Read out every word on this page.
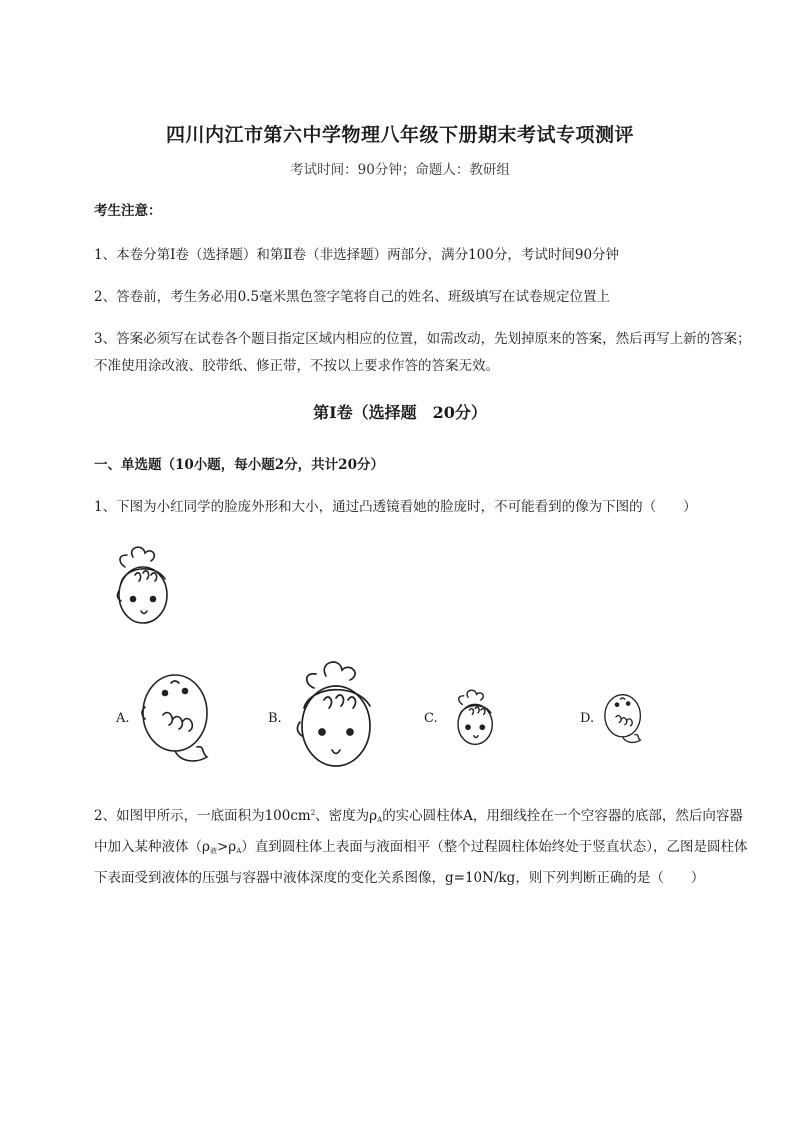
四川内江市第六中学物理八年级下册期末考试专项测评
考试时间：90分钟；命题人：教研组
考生注意：
1、本卷分第I卷（选择题）和第Ⅱ卷（非选择题）两部分，满分100分，考试时间90分钟
2、答卷前，考生务必用0.5毫米黑色签字笔将自己的姓名、班级填写在试卷规定位置上
3、答案必须写在试卷各个题目指定区域内相应的位置，如需改动，先划掉原来的答案，然后再写上新的答案；不准使用涂改液、胶带纸、修正带，不按以上要求作答的答案无效。
第I卷（选择题　20分）
一、单选题（10小题，每小题2分，共计20分）
1、下图为小红同学的脸庞外形和大小，通过凸透镜看她的脸庞时，不可能看到的像为下图的（　　）
A.	B.	C.	D.
2、如图甲所示，一底面积为$100cm^2$、密度为$\rho_A$的实心圆柱体A，用细线拴在一个空容器的底部，然后向容器中加入某种液体$(\rho_液>\rho_A)$直到圆柱体上表面与液面相平（整个过程圆柱体始终处于竖直状态），乙图是圆柱体下表面受到液体的压强与容器中液体深度的变化关系图像，g=10N/kg，则下列判断正确的是（　　）
